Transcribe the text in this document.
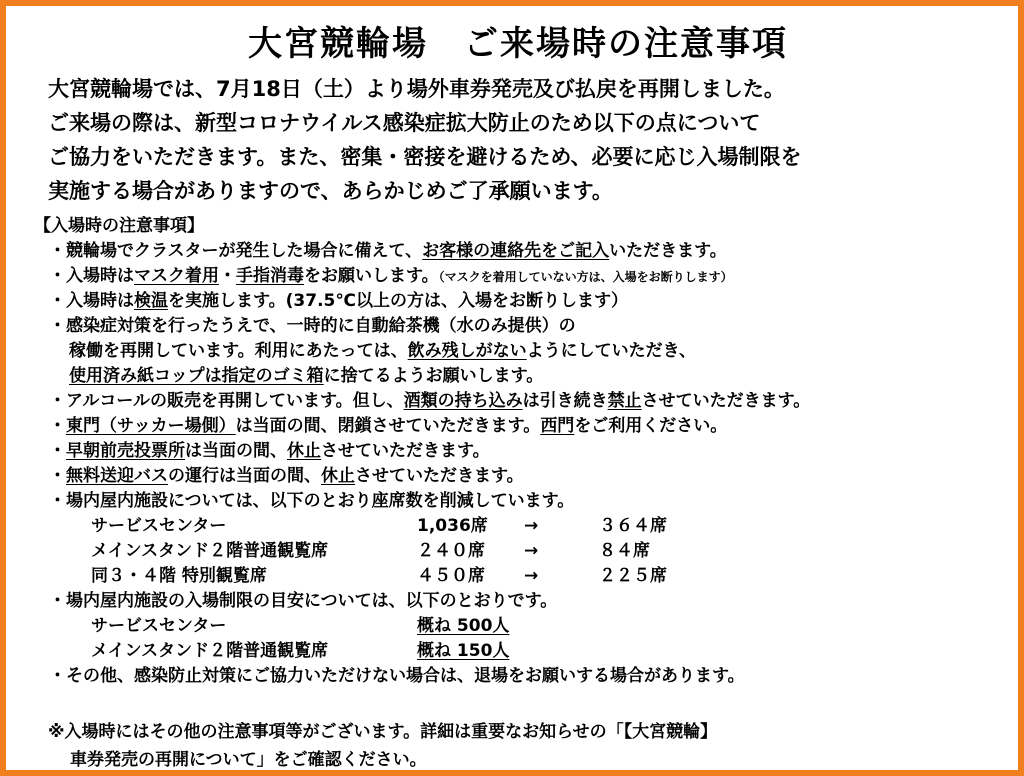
大宮競輪場　ご来場時の注意事項
大宮競輪場では、7月18日（土）より場外車券発売及び払戻を再開しました。
ご来場の際は、新型コロナウイルス感染症拡大防止のため以下の点について
ご協力をいただきます。また、密集・密接を避けるため、必要に応じ入場制限を
実施する場合がありますので、あらかじめご了承願います。
【入場時の注意事項】
・競輪場でクラスターが発生した場合に備えて、お客様の連絡先をご記入いただきます。
・入場時はマスク着用・手指消毒をお願いします。（マスクを着用していない方は、入場をお断りします）
・入場時は検温を実施します。(37.5℃以上の方は、入場をお断りします）
・感染症対策を行ったうえで、一時的に自動給茶機（水のみ提供）の
稼働を再開しています。利用にあたっては、飲み残しがないようにしていただき、
使用済み紙コップは指定のゴミ箱に捨てるようお願いします。
・アルコールの販売を再開しています。但し、酒類の持ち込みは引き続き禁止させていただきます。
・東門（サッカー場側）は当面の間、閉鎖させていただきます。西門をご利用ください。
・早朝前売投票所は当面の間、休止させていただきます。
・無料送迎バスの運行は当面の間、休止させていただきます。
・場内屋内施設については、以下のとおり座席数を削減しています。
サービスセンター	1,036席 →	３６４席
メインスタンド２階普通観覧席	２４０席 →	８４席
同３・４階 特別観覧席	４５０席 →	２２５席
・場内屋内施設の入場制限の目安については、以下のとおりです。
サービスセンター	概ね 500人
メインスタンド２階普通観覧席	概ね 150人
・その他、感染防止対策にご協力いただけない場合は、退場をお願いする場合があります。
※入場時にはその他の注意事項等がございます。詳細は重要なお知らせの「【大宮競輪】
車券発売の再開について」をご確認ください。
